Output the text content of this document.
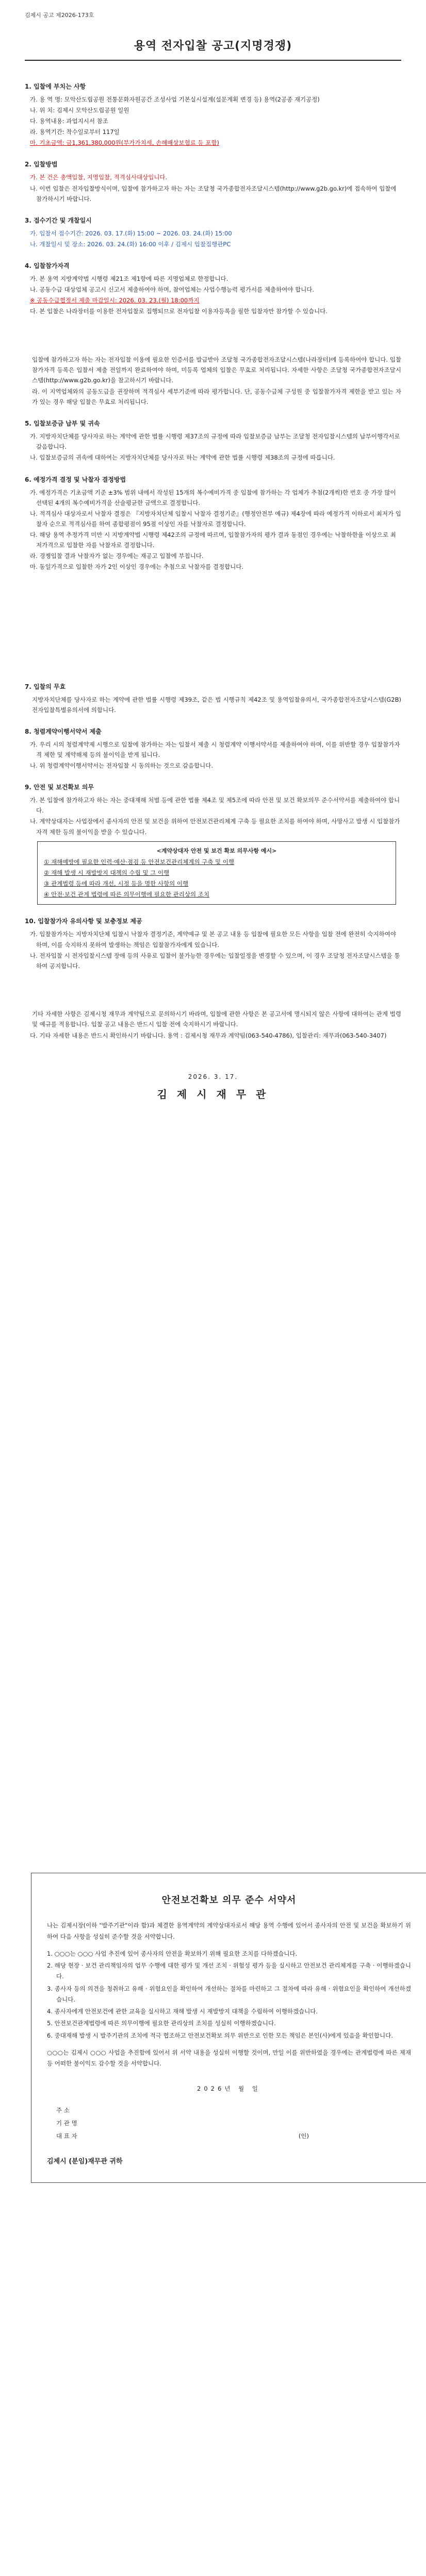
김제시 공고 제2026-173호
용역 전자입찰 공고(지명경쟁)
1. 입찰에 부치는 사항
가. 용 역 명: 모악산도립공원 전통문화자원공간 조성사업 기본실시설계(설문계획 변경 등) 용역(2공종 재기공정)
나. 위 치: 김제시 모악산도립공원 일원
다. 용역내용: 과업지시서 참조
라. 용역기간: 착수일로부터 117일
마. 기초금액: 금1,361,380,000원(부가가치세, 손해배상보험료 등 포함)
2. 입찰방법
가. 본 건은 총액입찰, 지명입찰, 적격심사대상입니다.
나. 이번 입찰은 전자입찰방식이며, 입찰에 참가하고자 하는 자는 조달청 국가종합전자조달시스템(http://www.g2b.go.kr)에 접속하여 입찰에 참가하시기 바랍니다.
3. 접수기간 및 개찰일시
가. 입찰서 접수기간: 2026. 03. 17.(화) 15:00 ~ 2026. 03. 24.(화) 15:00
나. 개찰일시 및 장소: 2026. 03. 24.(화) 16:00 이후 / 김제시 입찰집행관PC
4. 입찰참가자격
가. 본 용역 지방계약법 시행령 제21조 제1항에 따른 지명업체로 한정합니다.
나. 공동수급 대상업체 공고시 신고서 제출하여야 하며, 참여업체는 사업수행능력 평가서를 제출하여야 합니다.
※ 공동수급협정서 제출 마감일시: 2026. 03. 23.(월) 18:00까지
다. 본 입찰은 나라장터를 이용한 전자입찰로 집행되므로 전자입찰 이용자등록을 필한 입찰자만 참가할 수 있습니다.
입찰에 참가하고자 하는 자는 전자입찰 이용에 필요한 인증서를 발급받아 조달청 국가종합전자조달시스템(나라장터)에 등록하여야 합니다. 입찰참가자격 등록은 입찰서 제출 전일까지 완료하여야 하며, 미등록 업체의 입찰은 무효로 처리됩니다. 자세한 사항은 조달청 국가종합전자조달시스템(http://www.g2b.go.kr)을 참고하시기 바랍니다.
라. 이 지역업체와의 공동도급을 권장하며 적격심사 세부기준에 따라 평가합니다. 단, 공동수급체 구성원 중 입찰참가자격 제한을 받고 있는 자가 있는 경우 해당 입찰은 무효로 처리됩니다.
5. 입찰보증금 납부 및 귀속
가. 지방자치단체를 당사자로 하는 계약에 관한 법률 시행령 제37조의 규정에 따라 입찰보증금 납부는 조달청 전자입찰시스템의 납부이행각서로 갈음합니다.
나. 입찰보증금의 귀속에 대하여는 지방자치단체를 당사자로 하는 계약에 관한 법률 시행령 제38조의 규정에 따릅니다.
6. 예정가격 결정 및 낙찰자 결정방법
가. 예정가격은 기초금액 기준 ±3% 범위 내에서 작성된 15개의 복수예비가격 중 입찰에 참가하는 각 업체가 추첨(2개씩)한 번호 중 가장 많이 선택된 4개의 복수예비가격을 산술평균한 금액으로 결정합니다.
나. 적격심사 대상자로서 낙찰자 결정은 『지방자치단체 입찰시 낙찰자 결정기준』(행정안전부 예규) 제4장에 따라 예정가격 이하로서 최저가 입찰자 순으로 적격심사를 하여 종합평점이 95점 이상인 자를 낙찰자로 결정합니다.
다. 해당 용역 추정가격 미만 시 지방계약법 시행령 제42조의 규정에 따르며, 입찰참가자의 평가 결과 동점인 경우에는 낙찰하한율 이상으로 최저가격으로 입찰한 자를 낙찰자로 결정합니다.
라. 경쟁입찰 결과 낙찰자가 없는 경우에는 재공고 입찰에 부칩니다.
마. 동일가격으로 입찰한 자가 2인 이상인 경우에는 추첨으로 낙찰자를 결정합니다.
7. 입찰의 무효
지방자치단체를 당사자로 하는 계약에 관한 법률 시행령 제39조, 같은 법 시행규칙 제42조 및 용역입찰유의서, 국가종합전자조달시스템(G2B) 전자입찰특별유의서에 의합니다.
8. 청렴계약이행서약서 제출
가. 우리 시의 청렴계약제 시행으로 입찰에 참가하는 자는 입찰서 제출 시 청렴계약 이행서약서를 제출하여야 하며, 이를 위반할 경우 입찰참가자격 제한 및 계약해제 등의 불이익을 받게 됩니다.
나. 위 청렴계약이행서약서는 전자입찰 시 동의하는 것으로 갈음합니다.
9. 안전 및 보건확보 의무
가. 본 입찰에 참가하고자 하는 자는 중대재해 처벌 등에 관한 법률 제4조 및 제5조에 따라 안전 및 보건 확보의무 준수서약서를 제출하여야 합니다.
나. 계약상대자는 사업장에서 종사자의 안전 및 보건을 위하여 안전보건관리체계 구축 등 필요한 조치를 하여야 하며, 사망사고 발생 시 입찰참가자격 제한 등의 불이익을 받을 수 있습니다.
<계약상대자 안전 및 보건 확보 의무사항 예시>
① 재해예방에 필요한 인력·예산·점검 등 안전보건관리체계의 구축 및 이행
② 재해 발생 시 재발방지 대책의 수립 및 그 이행
③ 관계법령 등에 따라 개선, 시정 등을 명한 사항의 이행
④ 안전·보건 관계 법령에 따른 의무이행에 필요한 관리상의 조치
10. 입찰참가자 유의사항 및 보충정보 제공
가. 입찰참가자는 지방자치단체 입찰시 낙찰자 결정기준, 계약예규 및 본 공고 내용 등 입찰에 필요한 모든 사항을 입찰 전에 완전히 숙지하여야 하며, 이를 숙지하지 못하여 발생하는 책임은 입찰참가자에게 있습니다.
나. 전자입찰 시 전자입찰시스템 장애 등의 사유로 입찰이 불가능한 경우에는 입찰일정을 변경할 수 있으며, 이 경우 조달청 전자조달시스템을 통하여 공지합니다.
기타 자세한 사항은 김제시청 재무과 계약팀으로 문의하시기 바라며, 입찰에 관한 사항은 본 공고서에 명시되지 않은 사항에 대하여는 관계 법령 및 예규를 적용합니다. 입찰 공고 내용은 반드시 입찰 전에 숙지하시기 바랍니다.
다. 기타 자세한 내용은 반드시 확인하시기 바랍니다. 용역 : 김제시청 재무과 계약팀(063-540-4786), 입찰관리: 재무과(063-540-3407)
2026. 3. 17.
김 제 시 재 무 관
안전보건확보 의무 준수 서약서
나는 김제시장(이하 "발주기관"이라 함)과 체결한 용역계약의 계약상대자로서 해당 용역 수행에 있어서 종사자의 안전 및 보건을 확보하기 위하여 다음 사항을 성실히 준수할 것을 서약합니다.
1. ○○○는 ○○○ 사업 추진에 있어 종사자의 안전을 확보하기 위해 필요한 조치를 다하겠습니다.
2. 해당 현장 · 보건 관리책임자의 업무 수행에 대한 평가 및 개선 조치 · 위험성 평가 등을 실시하고 안전보건 관리체계를 구축 · 이행하겠습니다.
3. 종사자 등의 의견을 청취하고 유해 · 위험요인을 확인하여 개선하는 절차를 마련하고 그 절차에 따라 유해 · 위험요인을 확인하여 개선하겠습니다.
4. 종사자에게 안전보건에 관한 교육을 실시하고 재해 발생 시 재발방지 대책을 수립하여 이행하겠습니다.
5. 안전보건관계법령에 따른 의무이행에 필요한 관리상의 조치를 성실히 이행하겠습니다.
6. 중대재해 발생 시 발주기관의 조치에 적극 협조하고 안전보건확보 의무 위반으로 인한 모든 책임은 본인(사)에게 있음을 확인합니다.
○○○는 김제시 ○○○ 사업을 추진함에 있어서 위 서약 내용을 성실히 이행할 것이며, 만일 이를 위반하였을 경우에는 관계법령에 따른 제재 등 어떠한 불이익도 감수할 것을 서약합니다.
2026년 월 일
주 소
기 관 명
대 표 자	(인)
김제시 (분임)재무관 귀하
